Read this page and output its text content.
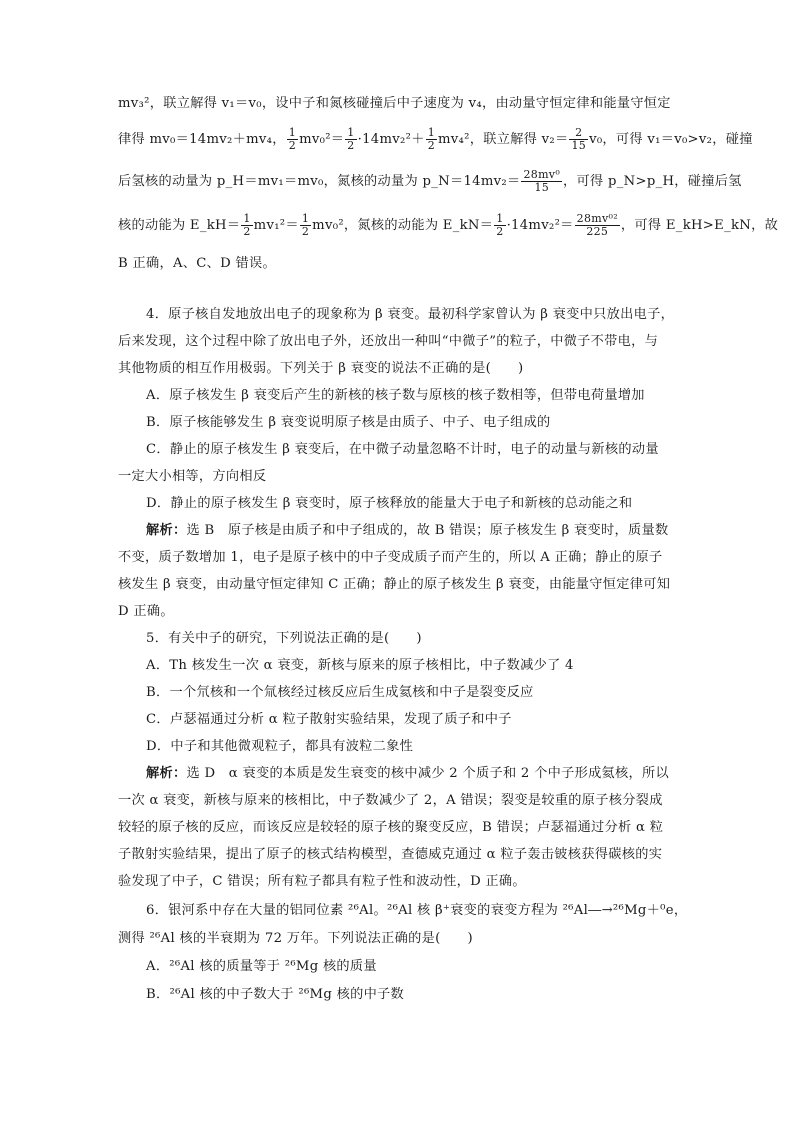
mv₃²，联立解得 v₁＝v₀，设中子和氮核碰撞后中子速度为 v₄，由动量守恒定律和能量守恒定
律得 mv₀＝14mv₂＋mv₄， $\frac{1}{2} mv_0^2= \frac{1}{2} \cdot 14mv_2^2+ \frac{1}{2} mv_4^2$，联立解得 $v_2= \frac{2}{15} v_0$，可得 v₁＝v₀>v₂，碰撞
后氢核的动量为 p_H＝mv₁＝mv₀，氮核的动量为 p_N＝14mv₂＝ $\frac{\text{28mv⁰}}{15}$ ，可得 p_N>p_H，碰撞后氢
核的动能为 E_kH＝ $\frac{1}{2} mv_1^2= \frac{1}{2} mv_0^2$，氮核的动能为 E_kN＝ $\frac{1}{2} \cdot 14mv_2^2= \frac{\text{28mv⁰²}}{225}$ ，可得 E_kH>E_kN，故
B 正确，A、C、D 错误。
4．原子核自发地放出电子的现象称为 β 衰变。最初科学家曾认为 β 衰变中只放出电子，
后来发现，这个过程中除了放出电子外，还放出一种叫“中微子”的粒子，中微子不带电，与
其他物质的相互作用极弱。下列关于 β 衰变的说法不正确的是(　　)
A．原子核发生 β 衰变后产生的新核的核子数与原核的核子数相等，但带电荷量增加
B．原子核能够发生 β 衰变说明原子核是由质子、中子、电子组成的
C．静止的原子核发生 β 衰变后，在中微子动量忽略不计时，电子的动量与新核的动量
一定大小相等，方向相反
D．静止的原子核发生 β 衰变时，原子核释放的能量大于电子和新核的总动能之和
解析：选 B　原子核是由质子和中子组成的，故 B 错误；原子核发生 β 衰变时，质量数
不变，质子数增加 1，电子是原子核中的中子变成质子而产生的，所以 A 正确；静止的原子
核发生 β 衰变，由动量守恒定律知 C 正确；静止的原子核发生 β 衰变，由能量守恒定律可知
D 正确。
5．有关中子的研究，下列说法正确的是(　　)
A．Th 核发生一次 α 衰变，新核与原来的原子核相比，中子数减少了 4
B．一个氘核和一个氚核经过核反应后生成氦核和中子是裂变反应
C．卢瑟福通过分析 α 粒子散射实验结果，发现了质子和中子
D．中子和其他微观粒子，都具有波粒二象性
解析：选 D　α 衰变的本质是发生衰变的核中减少 2 个质子和 2 个中子形成氦核，所以
一次 α 衰变，新核与原来的核相比，中子数减少了 2，A 错误；裂变是较重的原子核分裂成
较轻的原子核的反应，而该反应是较轻的原子核的聚变反应，B 错误；卢瑟福通过分析 α 粒
子散射实验结果，提出了原子的核式结构模型，查德威克通过 α 粒子轰击铍核获得碳核的实
验发现了中子，C 错误；所有粒子都具有粒子性和波动性，D 正确。
6．银河系中存在大量的铝同位素 ²⁶Al。²⁶Al 核 β⁺衰变的衰变方程为 ²⁶Al―→²⁶Mg＋⁰e，
测得 ²⁶Al 核的半衰期为 72 万年。下列说法正确的是(　　)
A．²⁶Al 核的质量等于 ²⁶Mg 核的质量
B．²⁶Al 核的中子数大于 ²⁶Mg 核的中子数
